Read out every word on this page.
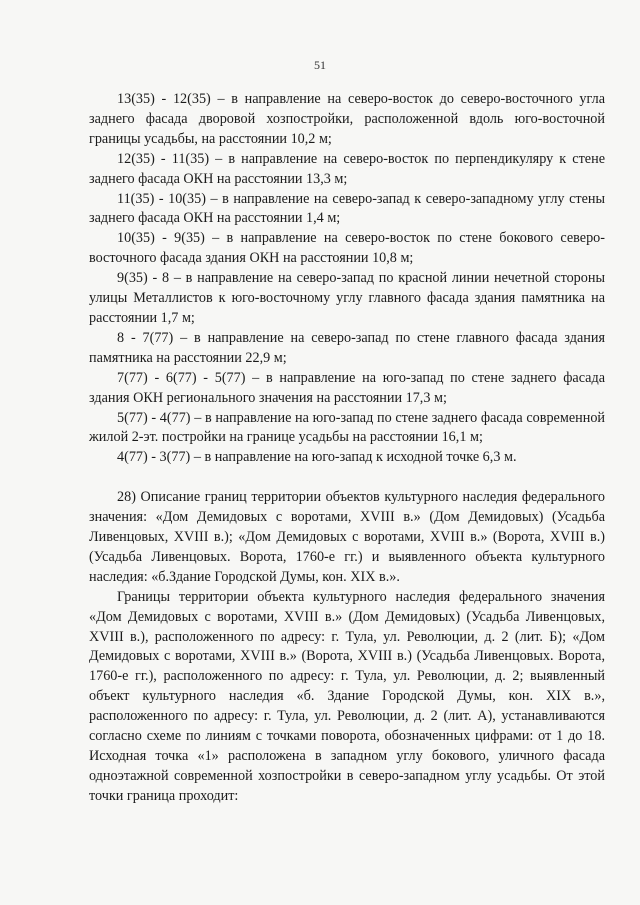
51

13(35) - 12(35) – в направление на северо-восток до северо-восточного угла заднего фасада дворовой хозпостройки, расположенной вдоль юго-восточной границы усадьбы, на расстоянии 10,2 м;

12(35) - 11(35) – в направление на северо-восток по перпендикуляру к стене заднего фасада ОКН на расстоянии 13,3 м;

11(35) - 10(35) – в направление на северо-запад к северо-западному углу стены заднего фасада ОКН на расстоянии 1,4 м;

10(35) - 9(35) – в направление на северо-восток по стене бокового северо-восточного фасада здания ОКН на расстоянии 10,8 м;

9(35) - 8 – в направление на северо-запад по красной линии нечетной стороны улицы Металлистов к юго-восточному углу главного фасада здания памятника на расстоянии 1,7 м;

8 - 7(77) – в направление на северо-запад по стене главного фасада здания памятника на расстоянии 22,9 м;

7(77) - 6(77) - 5(77) – в направление на юго-запад по стене заднего фасада здания ОКН регионального значения на расстоянии 17,3 м;

5(77) - 4(77) – в направление на юго-запад по стене заднего фасада современной жилой 2-эт. постройки на границе усадьбы на расстоянии 16,1 м;

4(77) - 3(77) – в направление на юго-запад к исходной точке 6,3 м.

28) Описание границ территории объектов культурного наследия федерального значения: «Дом Демидовых с воротами, XVIII в.» (Дом Демидовых) (Усадьба Ливенцовых, XVIII в.); «Дом Демидовых с воротами, XVIII в.» (Ворота, XVIII в.) (Усадьба Ливенцовых. Ворота, 1760-е гг.) и выявленного объекта культурного наследия: «б.Здание Городской Думы, кон. XIX в.».

Границы территории объекта культурного наследия федерального значения «Дом Демидовых с воротами, XVIII в.» (Дом Демидовых) (Усадьба Ливенцовых, XVIII в.), расположенного по адресу: г. Тула, ул. Революции, д. 2 (лит. Б); «Дом Демидовых с воротами, XVIII в.» (Ворота, XVIII в.) (Усадьба Ливенцовых. Ворота, 1760-е гг.), расположенного по адресу: г. Тула, ул. Революции, д. 2; выявленный объект культурного наследия «б. Здание Городской Думы, кон. XIX в.», расположенного по адресу: г. Тула, ул. Революции, д. 2 (лит. А), устанавливаются согласно схеме по линиям с точками поворота, обозначенных цифрами: от 1 до 18. Исходная точка «1» расположена в западном углу бокового, уличного фасада одноэтажной современной хозпостройки в северо-западном углу усадьбы. От этой точки граница проходит:
